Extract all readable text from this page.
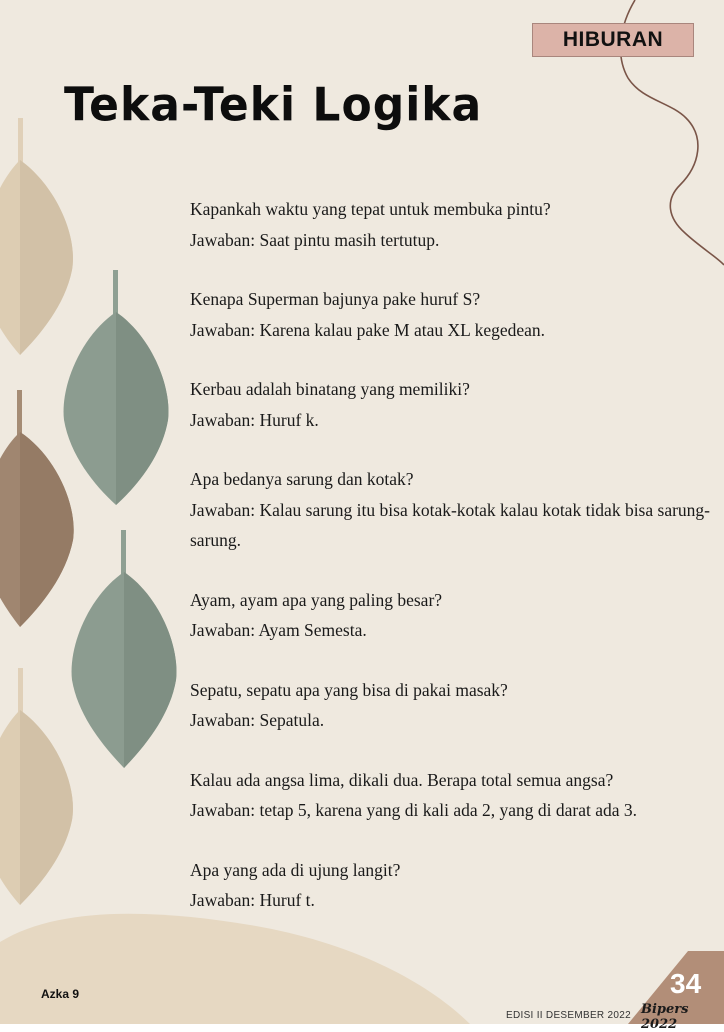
HIBURAN
Teka-Teki Logika

Kapankah waktu yang tepat untuk membuka pintu?

Jawaban: Saat pintu masih tertutup.

Kenapa Superman bajunya pake huruf S?

Jawaban: Karena kalau pake M atau XL kegedean.

Kerbau adalah binatang yang memiliki?

Jawaban: Huruf k.

Apa bedanya sarung dan kotak?

Jawaban: Kalau sarung itu bisa kotak-kotak kalau kotak tidak bisa sarung-sarung.

Ayam, ayam apa yang paling besar?

Jawaban: Ayam Semesta.

Sepatu, sepatu apa yang bisa di pakai masak?

Jawaban: Sepatula.

Kalau ada angsa lima, dikali dua. Berapa total semua angsa?

Jawaban: tetap 5, karena yang di kali ada 2, yang di darat ada 3.

Apa yang ada di ujung langit?

Jawaban: Huruf t.

Azka 9
EDISI II DESEMBER 2022
34
Bipers 2022
